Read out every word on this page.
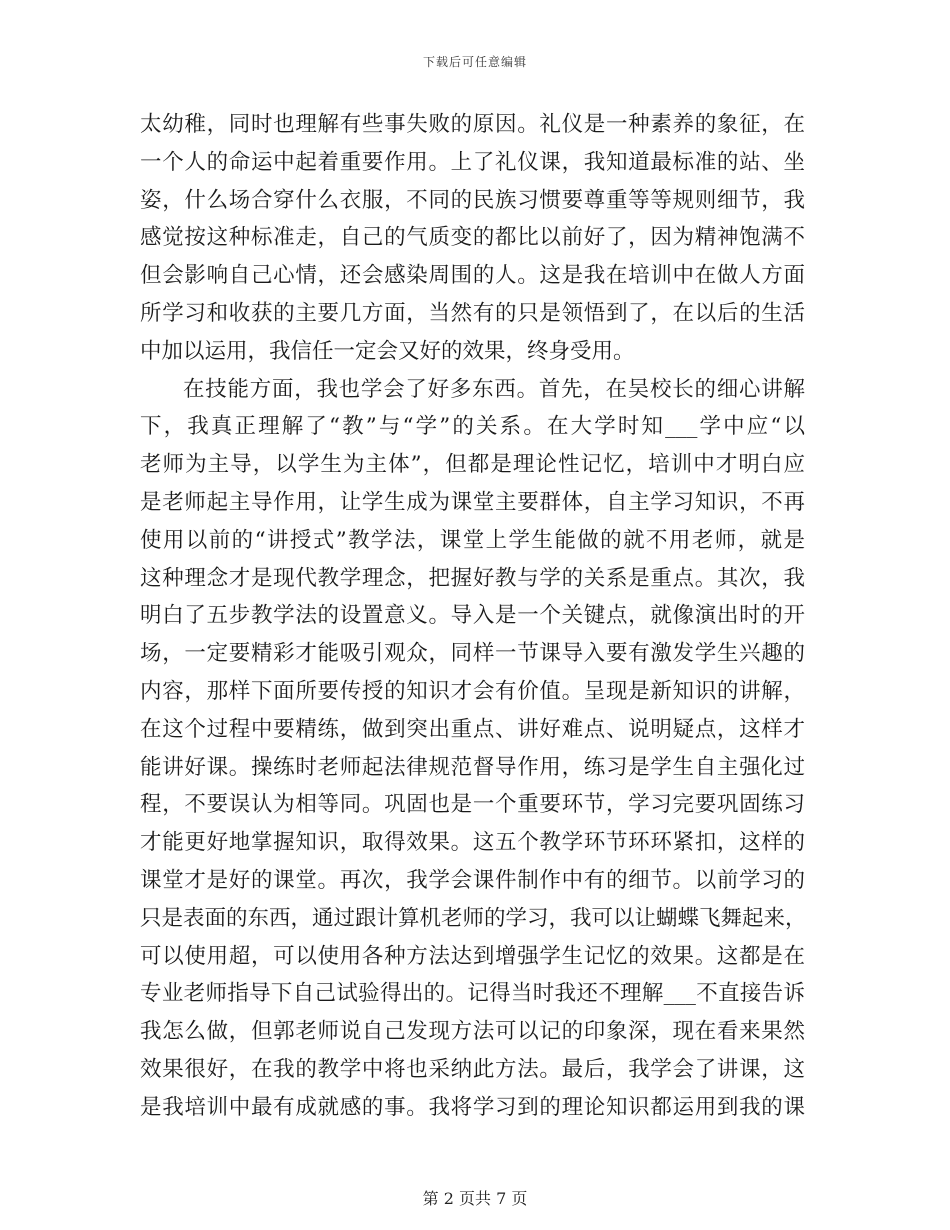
下载后可任意编辑
太幼稚，同时也理解有些事失败的原因。礼仪是一种素养的象征，在
一个人的命运中起着重要作用。上了礼仪课，我知道最标准的站、坐
姿，什么场合穿什么衣服，不同的民族习惯要尊重等等规则细节，我
感觉按这种标准走，自己的气质变的都比以前好了，因为精神饱满不
但会影响自己心情，还会感染周围的人。这是我在培训中在做人方面
所学习和收获的主要几方面，当然有的只是领悟到了，在以后的生活
中加以运用，我信任一定会又好的效果，终身受用。
在技能方面，我也学会了好多东西。首先，在吴校长的细心讲解
下，我真正理解了“教”与“学”的关系。在大学时知___学中应“以
老师为主导，以学生为主体”，但都是理论性记忆，培训中才明白应
是老师起主导作用，让学生成为课堂主要群体，自主学习知识，不再
使用以前的“讲授式”教学法，课堂上学生能做的就不用老师，就是
这种理念才是现代教学理念，把握好教与学的关系是重点。其次，我
明白了五步教学法的设置意义。导入是一个关键点，就像演出时的开
场，一定要精彩才能吸引观众，同样一节课导入要有激发学生兴趣的
内容，那样下面所要传授的知识才会有价值。呈现是新知识的讲解，
在这个过程中要精练，做到突出重点、讲好难点、说明疑点，这样才
能讲好课。操练时老师起法律规范督导作用，练习是学生自主强化过
程，不要误认为相等同。巩固也是一个重要环节，学习完要巩固练习
才能更好地掌握知识，取得效果。这五个教学环节环环紧扣，这样的
课堂才是好的课堂。再次，我学会课件制作中有的细节。以前学习的
只是表面的东西，通过跟计算机老师的学习，我可以让蝴蝶飞舞起来，
可以使用超，可以使用各种方法达到增强学生记忆的效果。这都是在
专业老师指导下自己试验得出的。记得当时我还不理解___不直接告诉
我怎么做，但郭老师说自己发现方法可以记的印象深，现在看来果然
效果很好，在我的教学中将也采纳此方法。最后，我学会了讲课，这
是我培训中最有成就感的事。我将学习到的理论知识都运用到我的课
第 2 页共 7 页
